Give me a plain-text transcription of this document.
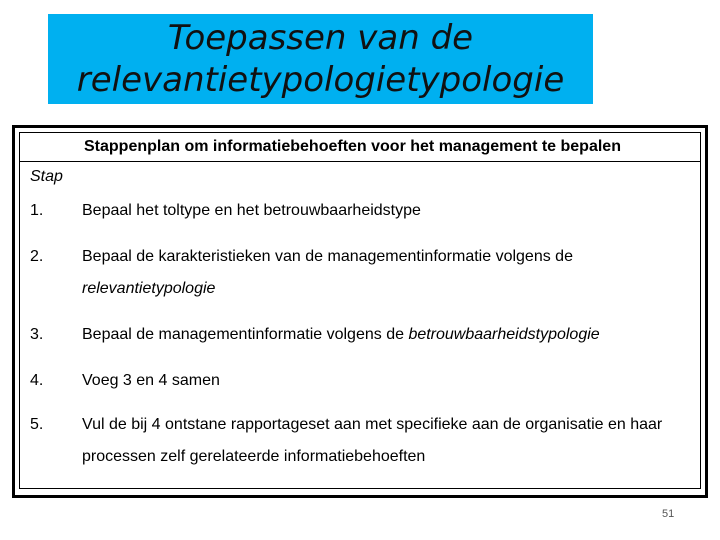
Toepassen van de
relevantietypologietypologie
Stappenplan om informatiebehoeften voor het management te bepalen
Stap
1. Bepaal het toltype en het betrouwbaarheidstype
2. Bepaal de karakteristieken van de managementinformatie volgens de
relevantietypologie
3. Bepaal de managementinformatie volgens de betrouwbaarheidstypologie
4. Voeg 3 en 4 samen
5. Vul de bij 4 ontstane rapportageset aan met specifieke aan de organisatie en haar processen zelf gerelateerde informatiebehoeften
51
